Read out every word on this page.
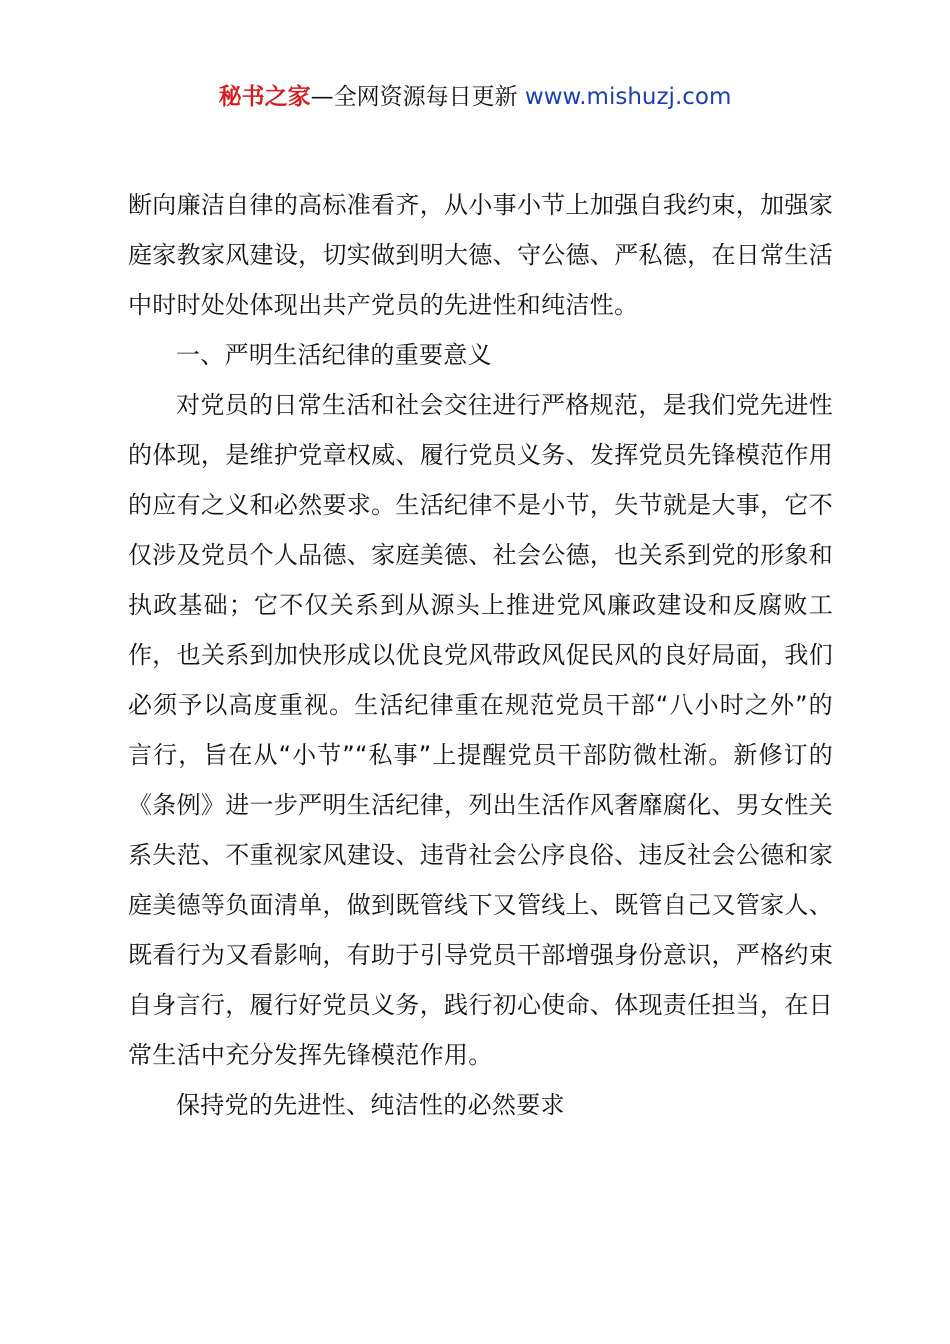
秘书之家—全网资源每日更新 www.mishuzj.com

断向廉洁自律的高标准看齐，从小事小节上加强自我约束，加强家庭家教家风建设，切实做到明大德、守公德、严私德，在日常生活中时时处处体现出共产党员的先进性和纯洁性。

一、严明生活纪律的重要意义

对党员的日常生活和社会交往进行严格规范，是我们党先进性的体现，是维护党章权威、履行党员义务、发挥党员先锋模范作用的应有之义和必然要求。生活纪律不是小节，失节就是大事，它不仅涉及党员个人品德、家庭美德、社会公德，也关系到党的形象和执政基础；它不仅关系到从源头上推进党风廉政建设和反腐败工作，也关系到加快形成以优良党风带政风促民风的良好局面，我们必须予以高度重视。生活纪律重在规范党员干部“八小时之外”的言行，旨在从“小节”“私事”上提醒党员干部防微杜渐。新修订的《条例》进一步严明生活纪律，列出生活作风奢靡腐化、男女性关系失范、不重视家风建设、违背社会公序良俗、违反社会公德和家庭美德等负面清单，做到既管线下又管线上、既管自己又管家人、既看行为又看影响，有助于引导党员干部增强身份意识，严格约束自身言行，履行好党员义务，践行初心使命、体现责任担当，在日常生活中充分发挥先锋模范作用。

保持党的先进性、纯洁性的必然要求
